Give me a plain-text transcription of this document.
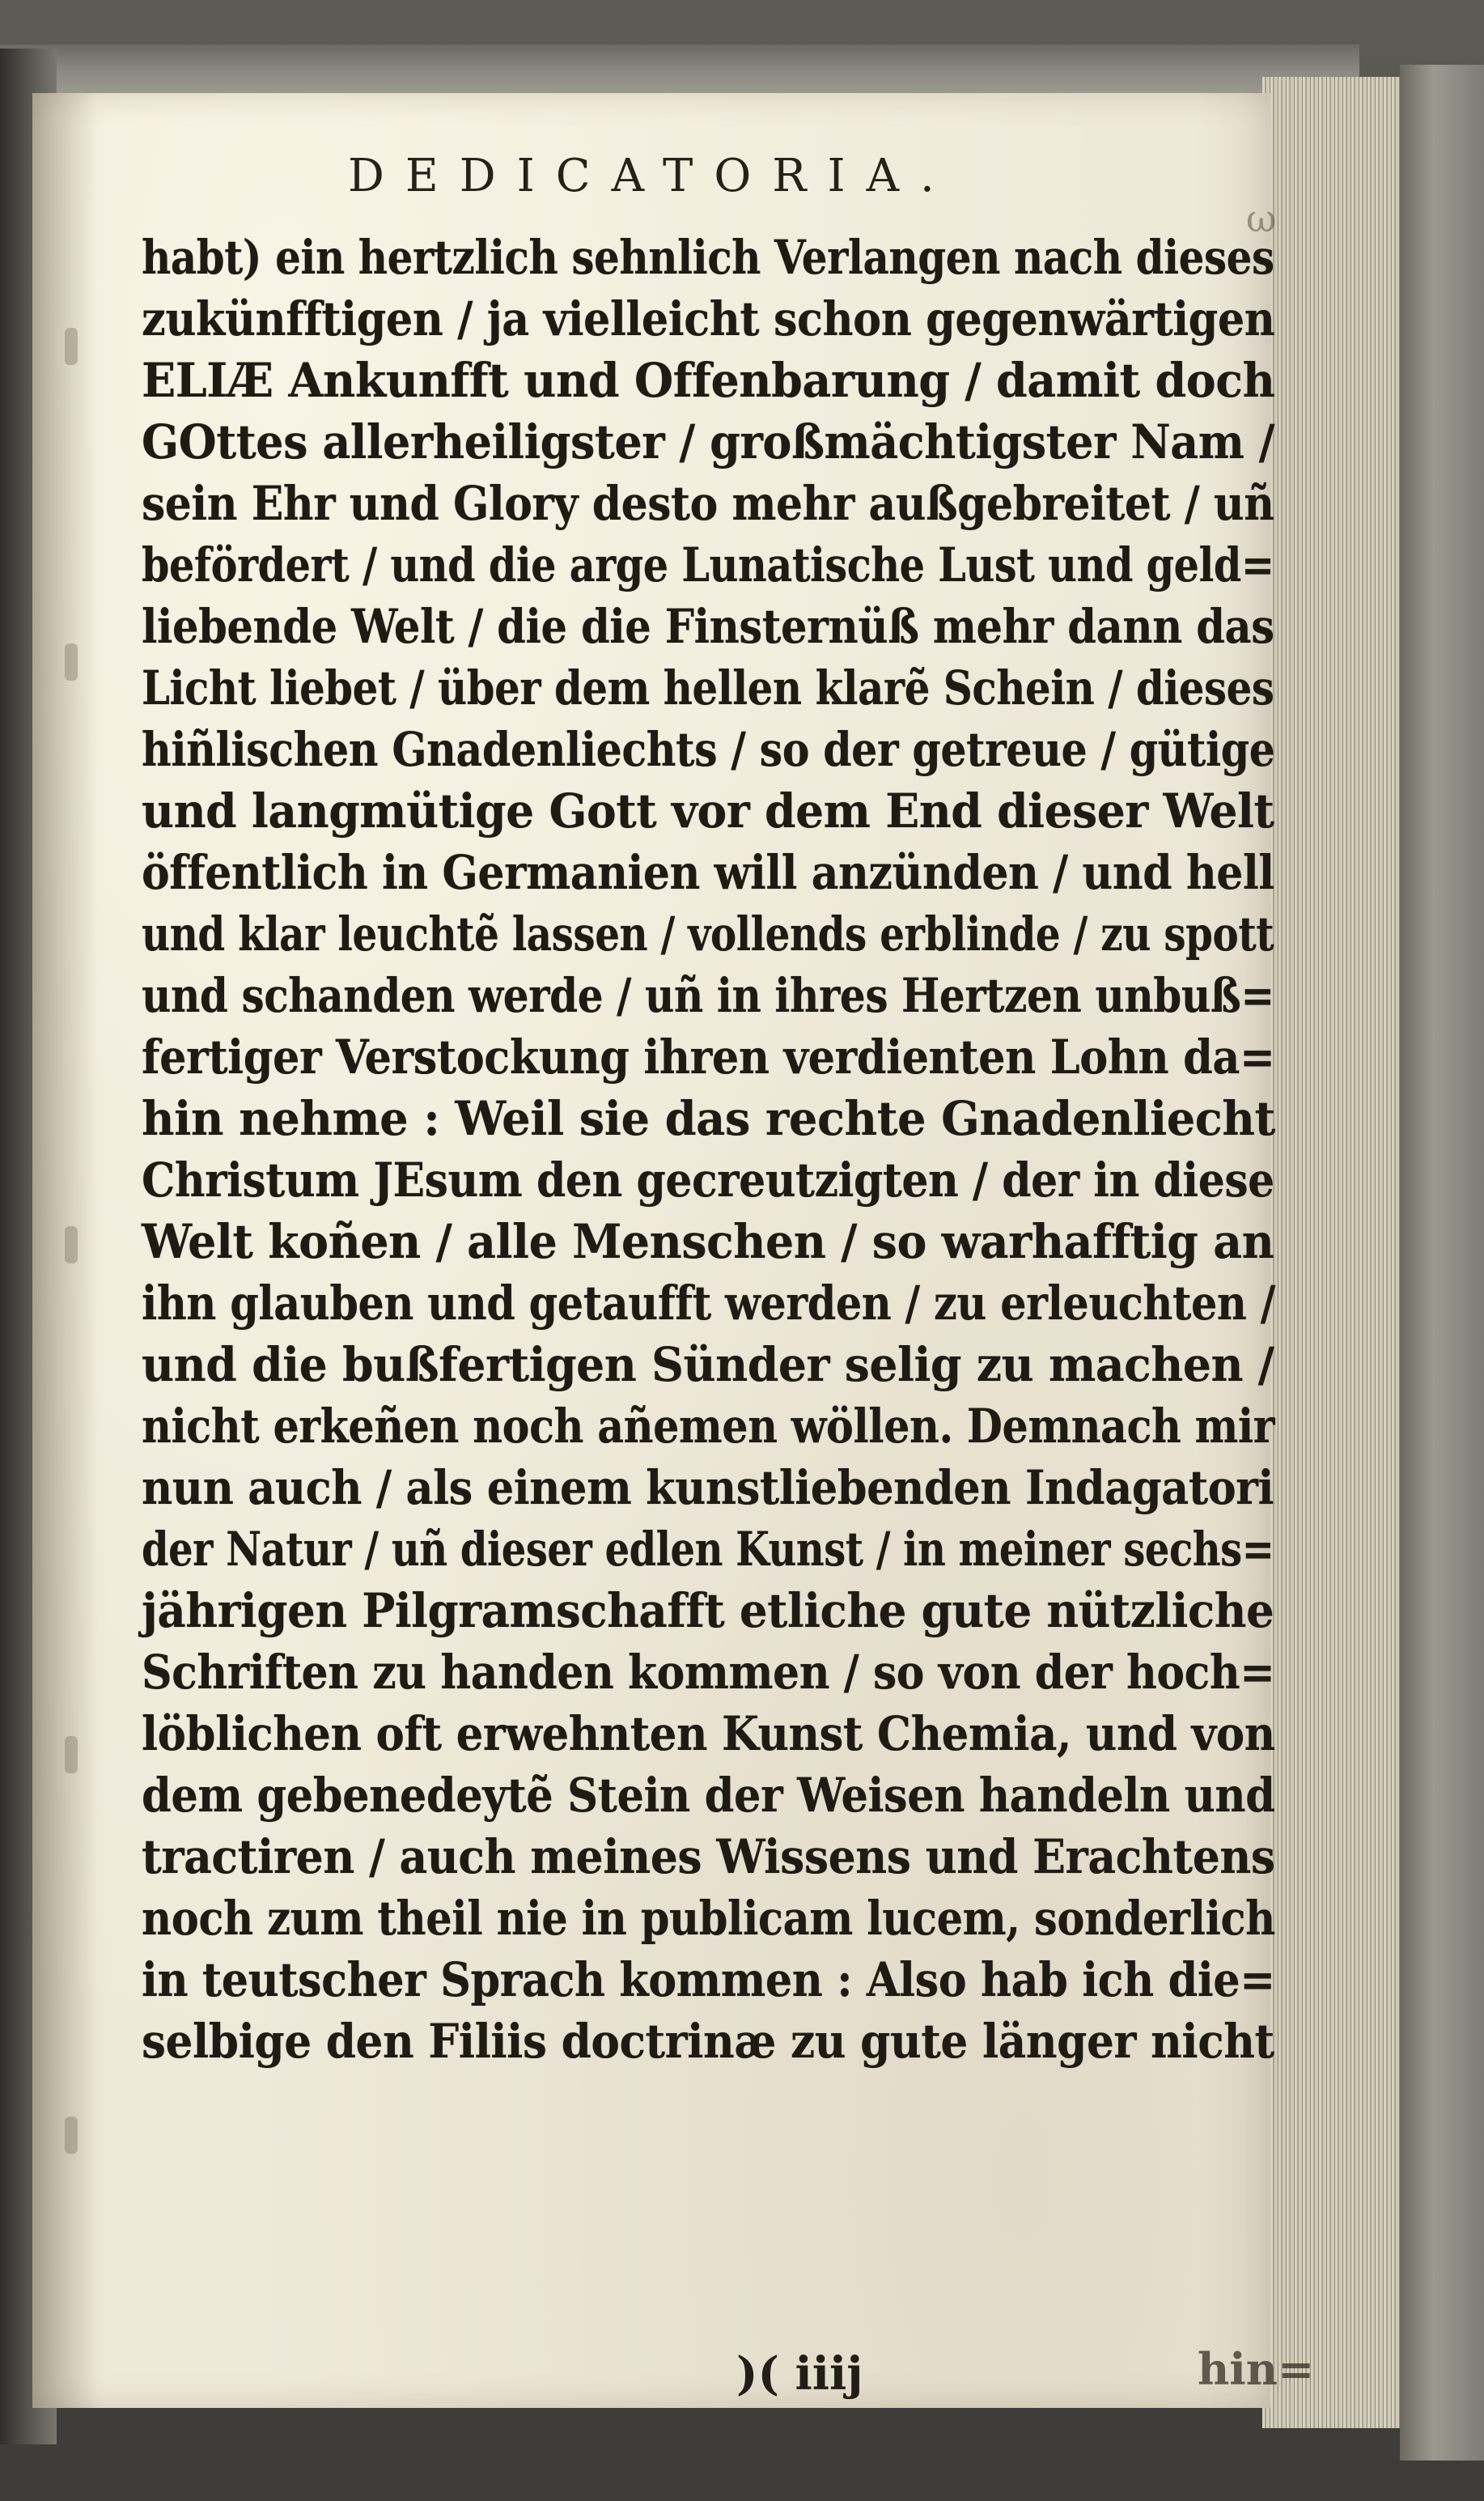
DEDICATORIA.
ω
habt) ein hertzlich sehnlich Verlangen nach dieses
zukünfftigen / ja vielleicht schon gegenwärtigen
ELIÆ Ankunfft und Offenbarung / damit doch
GOttes allerheiligster / großmächtigster Nam /
sein Ehr und Glory desto mehr außgebreitet / uñ
befördert / und die arge Lunatische Lust und geld=
liebende Welt / die die Finsternüß mehr dann das
Licht liebet / über dem hellen klarẽ Schein / dieses
hiñlischen Gnadenliechts / so der getreue / gütige
und langmütige Gott vor dem End dieser Welt
öffentlich in Germanien will anzünden / und hell
und klar leuchtẽ lassen / vollends erblinde / zu spott
und schanden werde / uñ in ihres Hertzen unbuß=
fertiger Verstockung ihren verdienten Lohn da=
hin nehme : Weil sie das rechte Gnadenliecht
Christum JEsum den gecreutzigten / der in diese
Welt koñen / alle Menschen / so warhafftig an
ihn glauben und getaufft werden / zu erleuchten /
und die bußfertigen Sünder selig zu machen /
nicht erkeñen noch añemen wöllen. Demnach mir
nun auch / als einem kunstliebenden Indagatori
der Natur / uñ dieser edlen Kunst / in meiner sechs=
jährigen Pilgramschafft etliche gute nützliche
Schriften zu handen kommen / so von der hoch=
löblichen oft erwehnten Kunst Chemia, und von
dem gebenedeytẽ Stein der Weisen handeln und
tractiren / auch meines Wissens und Erachtens
noch zum theil nie in publicam lucem, sonderlich
in teutscher Sprach kommen : Also hab ich die=
selbige den Filiis doctrinæ zu gute länger nicht
)( iiij	hin=
